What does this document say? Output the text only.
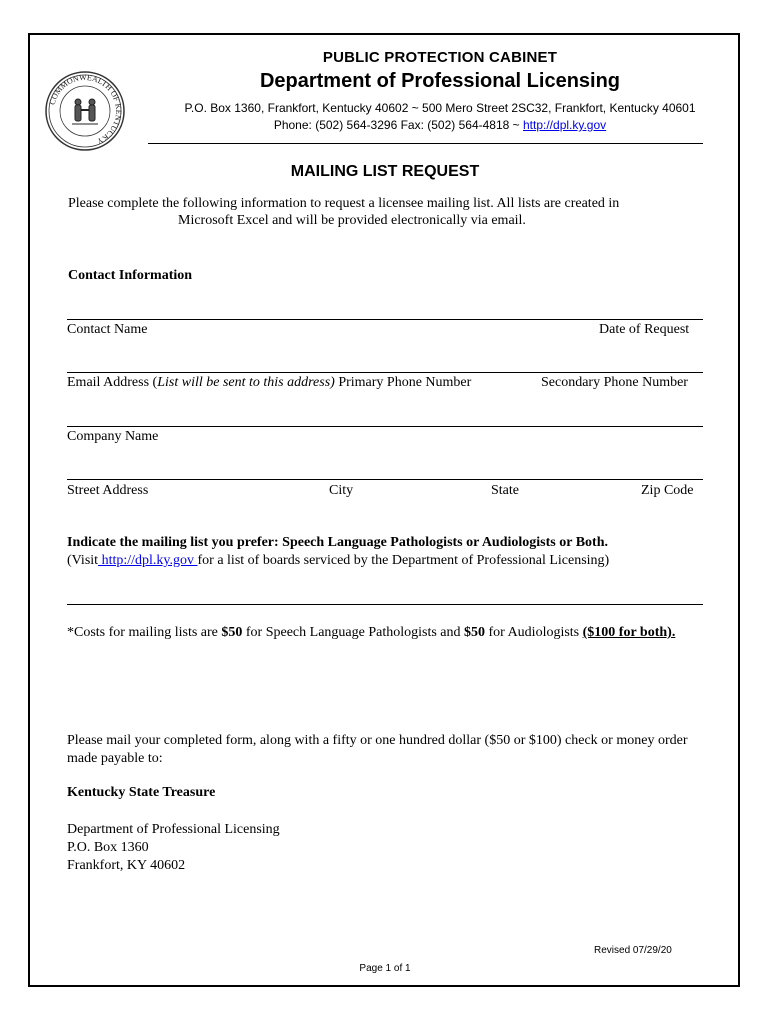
COMMONWEALTH OF KENTUCKY
PUBLIC PROTECTION CABINET
Department of Professional Licensing
P.O. Box 1360, Frankfort, Kentucky 40602 ~ 500 Mero Street 2SC32, Frankfort, Kentucky 40601
Phone: (502) 564-3296 Fax: (502) 564-4818 ~ http://dpl.ky.gov
MAILING LIST REQUEST
Please complete the following information to request a licensee mailing list. All lists are created in
Microsoft Excel and will be provided electronically via email.
Contact Information
Contact Name	Date of Request
Email Address (List will be sent to this address) Primary Phone Number	Secondary Phone Number
Company Name
Street Address	City	State	Zip Code
Indicate the mailing list you prefer: Speech Language Pathologists or Audiologists or Both.
(Visit http://dpl.ky.gov for a list of boards serviced by the Department of Professional Licensing)
*Costs for mailing lists are $50 for Speech Language Pathologists and $50 for Audiologists ($100 for both).
Please mail your completed form, along with a fifty or one hundred dollar ($50 or $100) check or money order made payable to:
Kentucky State Treasure
Department of Professional Licensing
P.O. Box 1360
Frankfort, KY 40602
Revised 07/29/20
Page 1 of 1
